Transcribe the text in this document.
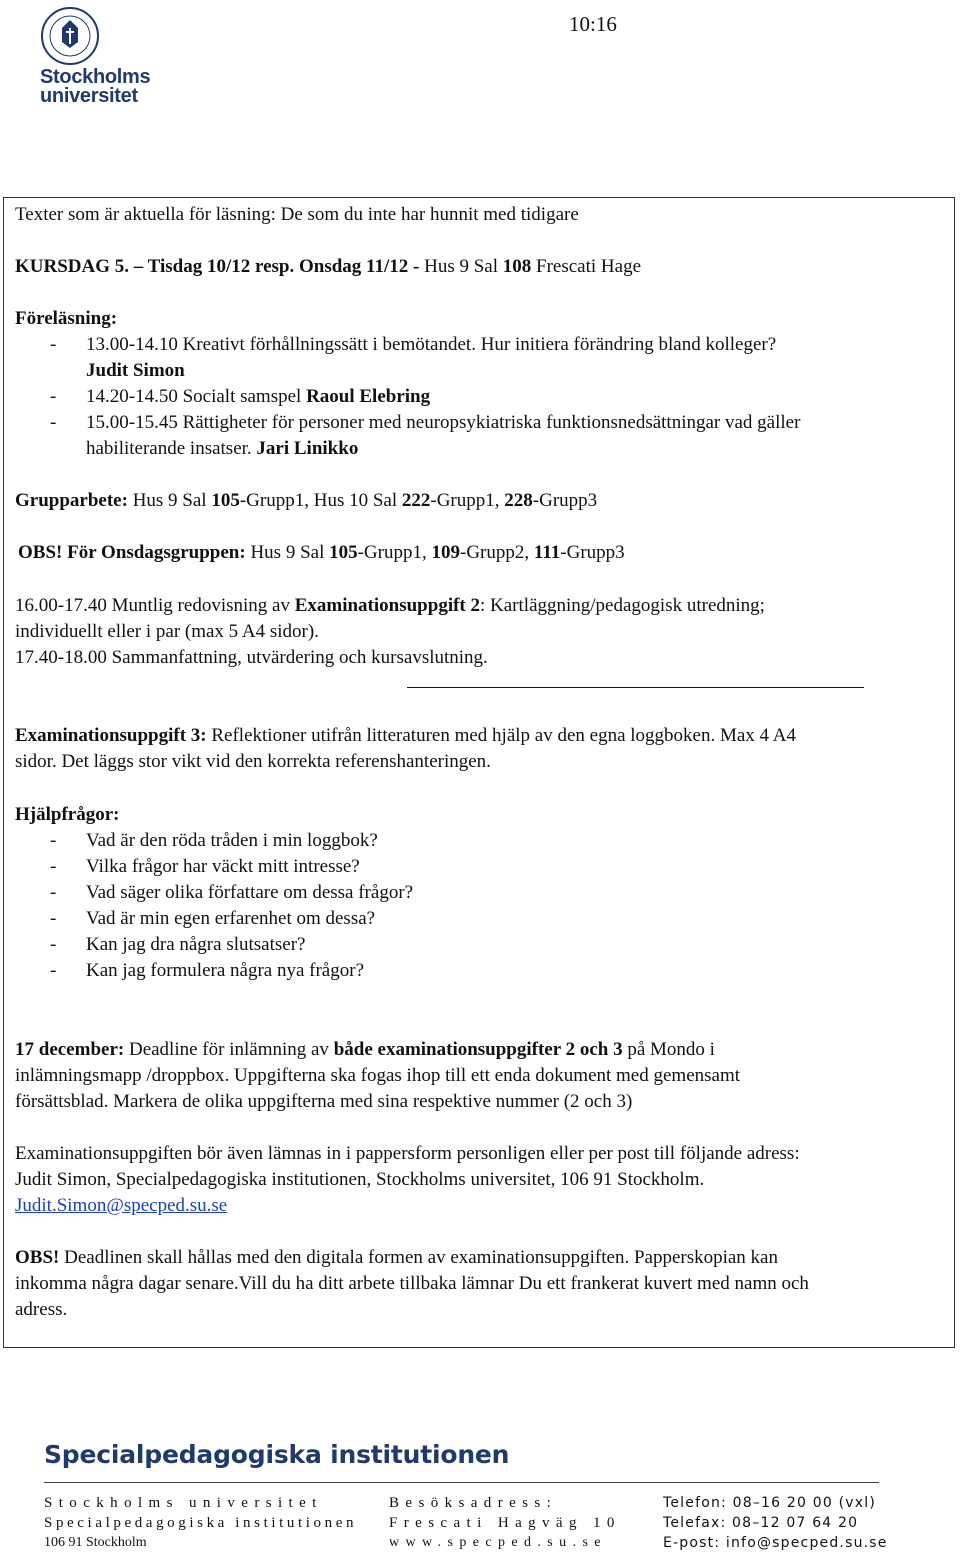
Stockholms
universitet
10:16
Texter som är aktuella för läsning: De som du inte har hunnit med tidigare
KURSDAG 5. – Tisdag 10/12 resp. Onsdag 11/12 - Hus 9 Sal 108 Frescati Hage
Föreläsning:
- 13.00-14.10 Kreativt förhållningssätt i bemötandet. Hur initiera förändring bland kolleger?
Judit Simon
- 14.20-14.50 Socialt samspel Raoul Elebring
- 15.00-15.45 Rättigheter för personer med neuropsykiatriska funktionsnedsättningar vad gäller
habiliterande insatser. Jari Linikko
Grupparbete: Hus 9 Sal 105-Grupp1, Hus 10 Sal 222-Grupp1, 228-Grupp3
OBS! För Onsdagsgruppen: Hus 9 Sal 105-Grupp1, 109-Grupp2, 111-Grupp3
16.00-17.40 Muntlig redovisning av Examinationsuppgift 2: Kartläggning/pedagogisk utredning;
individuellt eller i par (max 5 A4 sidor).
17.40-18.00 Sammanfattning, utvärdering och kursavslutning.
Examinationsuppgift 3: Reflektioner utifrån litteraturen med hjälp av den egna loggboken. Max 4 A4
sidor. Det läggs stor vikt vid den korrekta referenshanteringen.
Hjälpfrågor:
- Vad är den röda tråden i min loggbok?
- Vilka frågor har väckt mitt intresse?
- Vad säger olika författare om dessa frågor?
- Vad är min egen erfarenhet om dessa?
- Kan jag dra några slutsatser?
- Kan jag formulera några nya frågor?
17 december: Deadline för inlämning av både examinationsuppgifter 2 och 3 på Mondo i
inlämningsmapp /droppbox. Uppgifterna ska fogas ihop till ett enda dokument med gemensamt
försättsblad. Markera de olika uppgifterna med sina respektive nummer (2 och 3)
Examinationsuppgiften bör även lämnas in i pappersform personligen eller per post till följande adress:
Judit Simon, Specialpedagogiska institutionen, Stockholms universitet, 106 91 Stockholm.
Judit.Simon@specped.su.se
OBS! Deadlinen skall hållas med den digitala formen av examinationsuppgiften. Papperskopian kan
inkomma några dagar senare.Vill du ha ditt arbete tillbaka lämnar Du ett frankerat kuvert med namn och
adress.
Specialpedagogiska institutionen
Stockholms universitet
Specialpedagogiska institutionen
106 91 Stockholm
Besöksadress:
Frescati Hagväg 10
www.specped.su.se
Telefon: 08–16 20 00 (vxl)
Telefax: 08–12 07 64 20
E-post: info@specped.su.se
